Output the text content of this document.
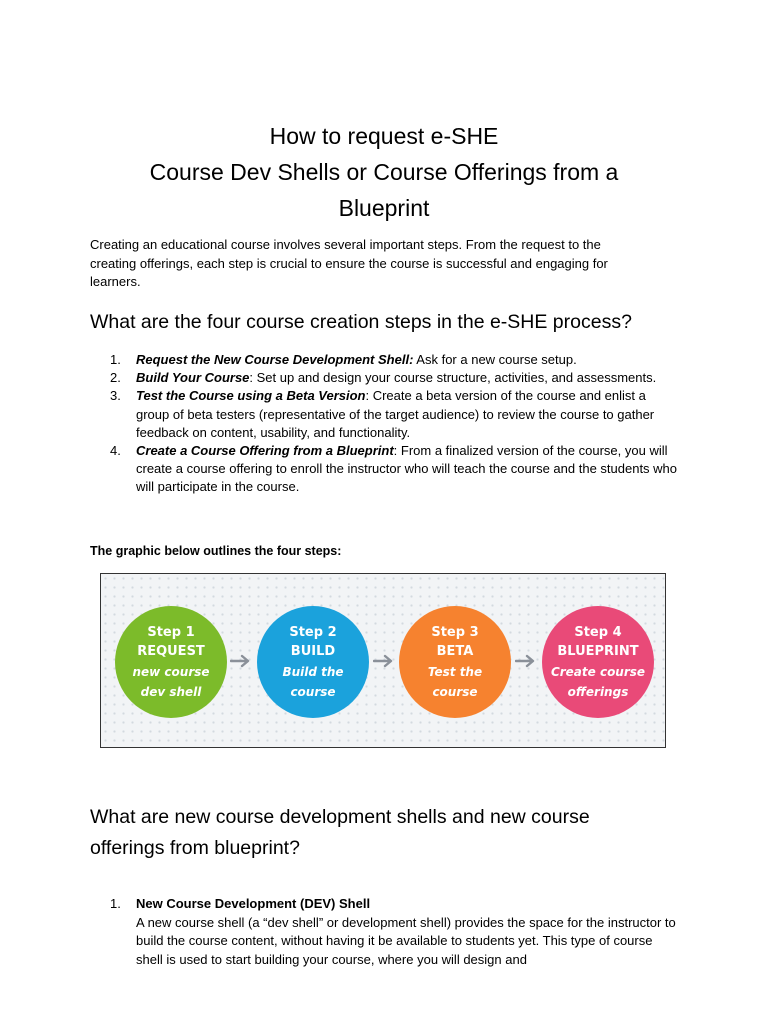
How to request e-SHE
Course Dev Shells or Course Offerings from a
Blueprint

Creating an educational course involves several important steps. From the request to the creating offerings, each step is crucial to ensure the course is successful and engaging for learners.

What are the four course creation steps in the e-SHE process?
1. Request the New Course Development Shell: Ask for a new course setup.
2. Build Your Course: Set up and design your course structure, activities, and assessments.
3. Test the Course using a Beta Version: Create a beta version of the course and enlist a group of beta testers (representative of the target audience) to review the course to gather feedback on content, usability, and functionality.
4. Create a Course Offering from a Blueprint: From a finalized version of the course, you will create a course offering to enroll the instructor who will teach the course and the students who will participate in the course.

The graphic below outlines the four steps:

Step 1
REQUEST
new course
dev shell
Step 2
BUILD
Build the
course
Step 3
BETA
Test the
course
Step 4
BLUEPRINT
Create course
offerings
What are new course development shells and new course offerings from blueprint?
1. New Course Development (DEV) Shell
A new course shell (a “dev shell” or development shell) provides the space for the instructor to build the course content, without having it be available to students yet. This type of course shell is used to start building your course, where you will design and
